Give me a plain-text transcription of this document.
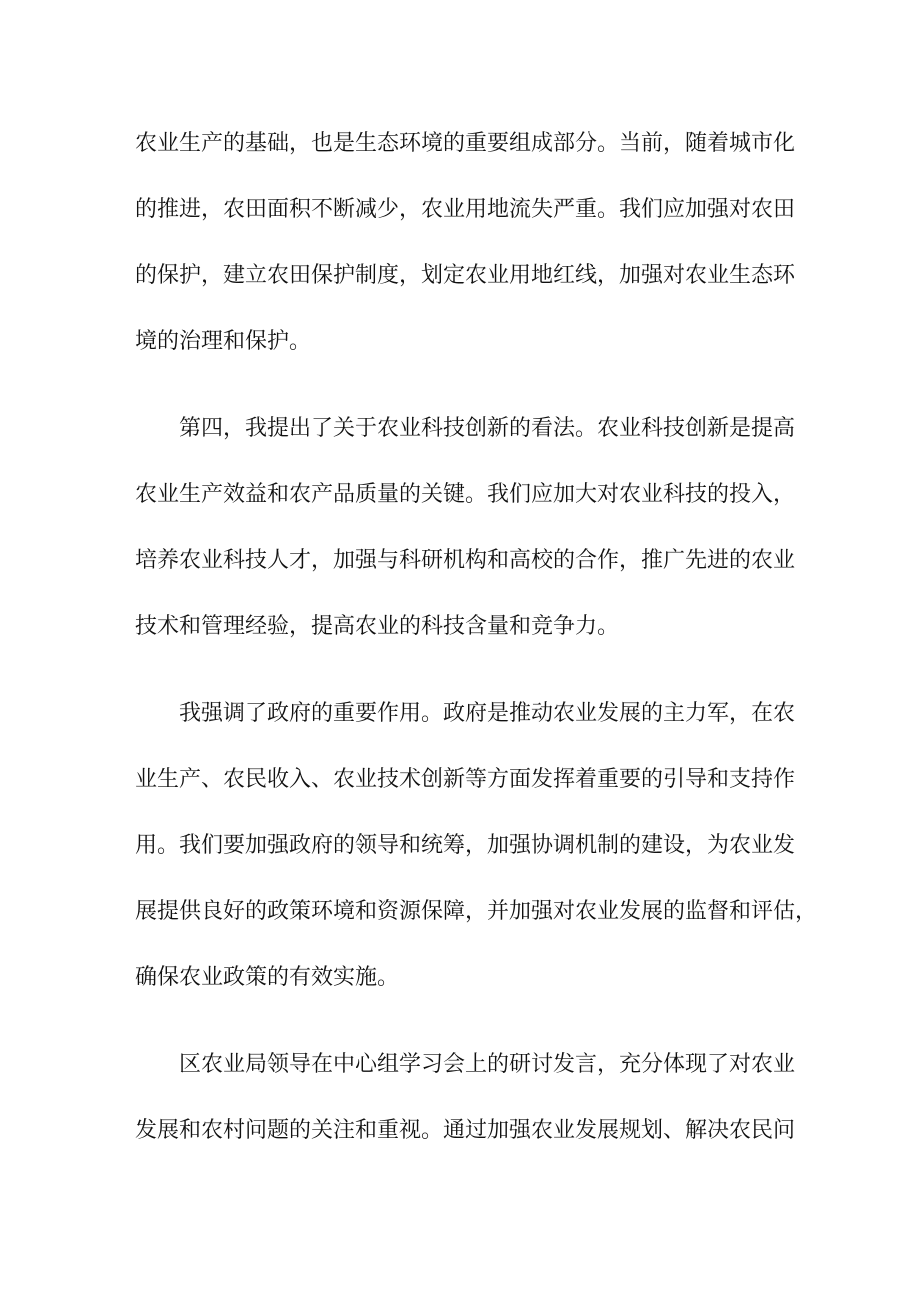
农业生产的基础，也是生态环境的重要组成部分。当前，随着城市化
的推进，农田面积不断减少，农业用地流失严重。我们应加强对农田
的保护，建立农田保护制度，划定农业用地红线，加强对农业生态环
境的治理和保护。
第四，我提出了关于农业科技创新的看法。农业科技创新是提高
农业生产效益和农产品质量的关键。我们应加大对农业科技的投入，
培养农业科技人才，加强与科研机构和高校的合作，推广先进的农业
技术和管理经验，提高农业的科技含量和竞争力。
我强调了政府的重要作用。政府是推动农业发展的主力军，在农
业生产、农民收入、农业技术创新等方面发挥着重要的引导和支持作
用。我们要加强政府的领导和统筹，加强协调机制的建设，为农业发
展提供良好的政策环境和资源保障，并加强对农业发展的监督和评估，
确保农业政策的有效实施。
区农业局领导在中心组学习会上的研讨发言，充分体现了对农业
发展和农村问题的关注和重视。通过加强农业发展规划、解决农民问
